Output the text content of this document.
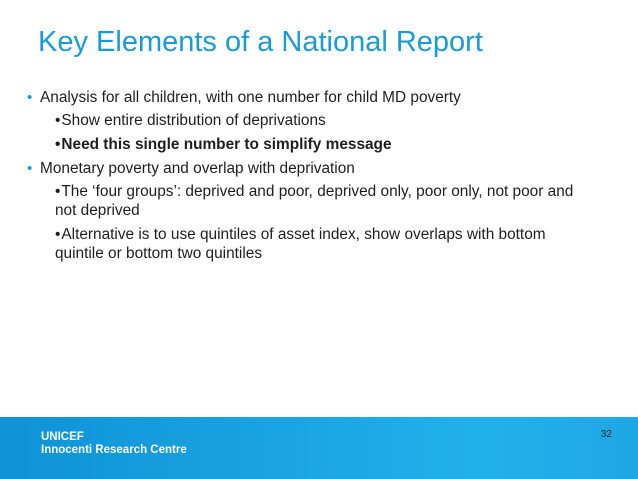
Key Elements of a National Report
• Analysis for all children, with one number for child MD poverty
•Show entire distribution of deprivations
•Need this single number to simplify message
• Monetary poverty and overlap with deprivation
•The ‘four groups’: deprived and poor, deprived only, poor only, not poor and not deprived
•Alternative is to use quintiles of asset index, show overlaps with bottom quintile or bottom two quintiles
UNICEF
Innocenti Research Centre
32
